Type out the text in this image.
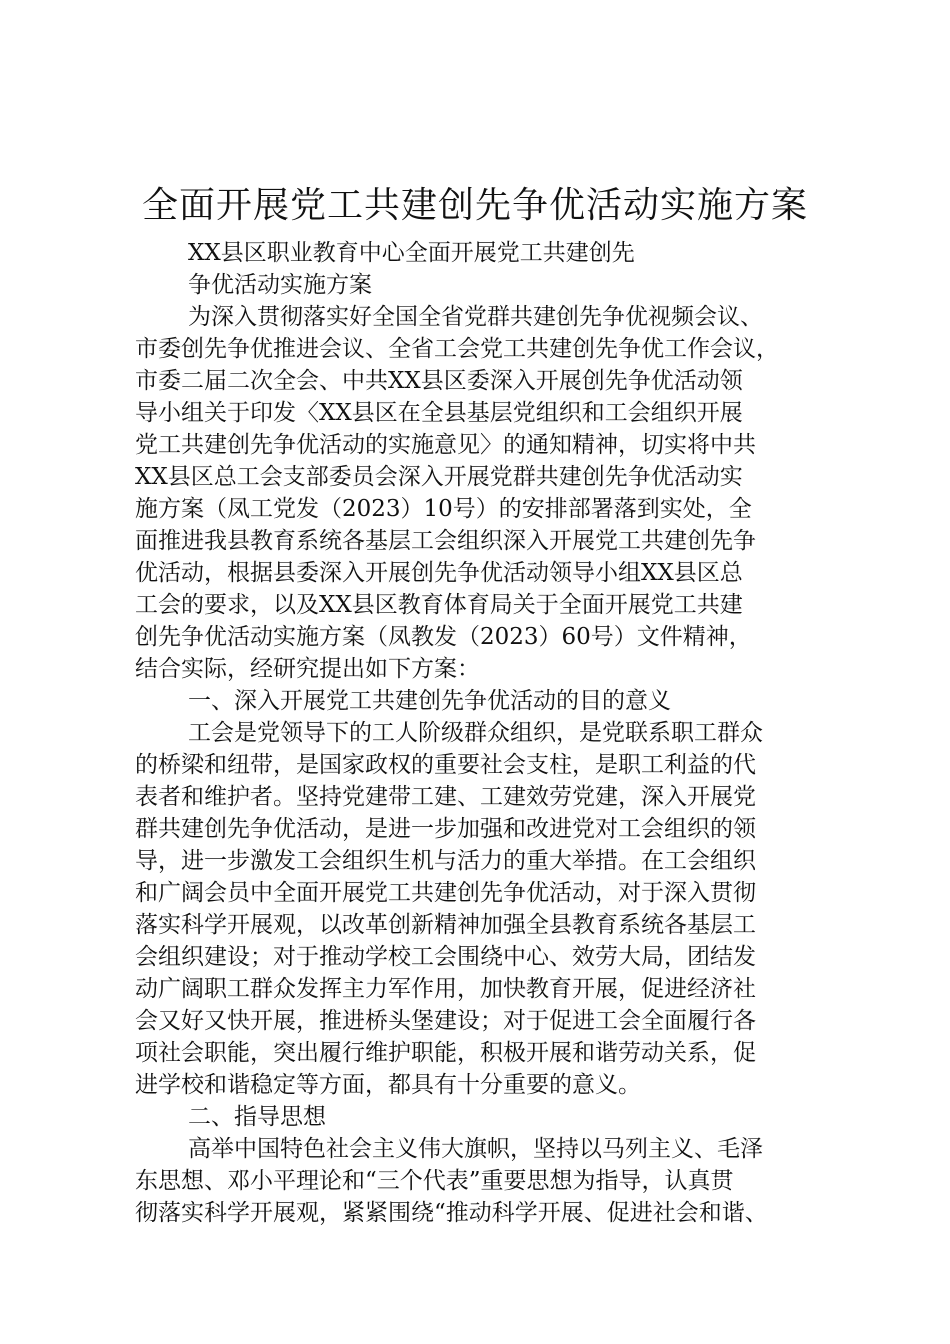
全面开展党工共建创先争优活动实施方案
XX县区职业教育中心全面开展党工共建创先
争优活动实施方案
为深入贯彻落实好全国全省党群共建创先争优视频会议、
市委创先争优推进会议、全省工会党工共建创先争优工作会议，
市委二届二次全会、中共XX县区委深入开展创先争优活动领
导小组关于印发〈XX县区在全县基层党组织和工会组织开展
党工共建创先争优活动的实施意见〉的通知精神，切实将中共
XX县区总工会支部委员会深入开展党群共建创先争优活动实
施方案（凤工党发（2023）10号）的安排部署落到实处，全
面推进我县教育系统各基层工会组织深入开展党工共建创先争
优活动，根据县委深入开展创先争优活动领导小组XX县区总
工会的要求，以及XX县区教育体育局关于全面开展党工共建
创先争优活动实施方案（凤教发（2023）60号）文件精神，
结合实际，经研究提出如下方案：
一、深入开展党工共建创先争优活动的目的意义
工会是党领导下的工人阶级群众组织，是党联系职工群众
的桥梁和纽带，是国家政权的重要社会支柱，是职工利益的代
表者和维护者。坚持党建带工建、工建效劳党建，深入开展党
群共建创先争优活动，是进一步加强和改进党对工会组织的领
导，进一步激发工会组织生机与活力的重大举措。在工会组织
和广阔会员中全面开展党工共建创先争优活动，对于深入贯彻
落实科学开展观，以改革创新精神加强全县教育系统各基层工
会组织建设；对于推动学校工会围绕中心、效劳大局，团结发
动广阔职工群众发挥主力军作用，加快教育开展，促进经济社
会又好又快开展，推进桥头堡建设；对于促进工会全面履行各
项社会职能，突出履行维护职能，积极开展和谐劳动关系，促
进学校和谐稳定等方面，都具有十分重要的意义。
二、指导思想
高举中国特色社会主义伟大旗帜，坚持以马列主义、毛泽
东思想、邓小平理论和“三个代表”重要思想为指导，认真贯
彻落实科学开展观，紧紧围绕“推动科学开展、促进社会和谐、
